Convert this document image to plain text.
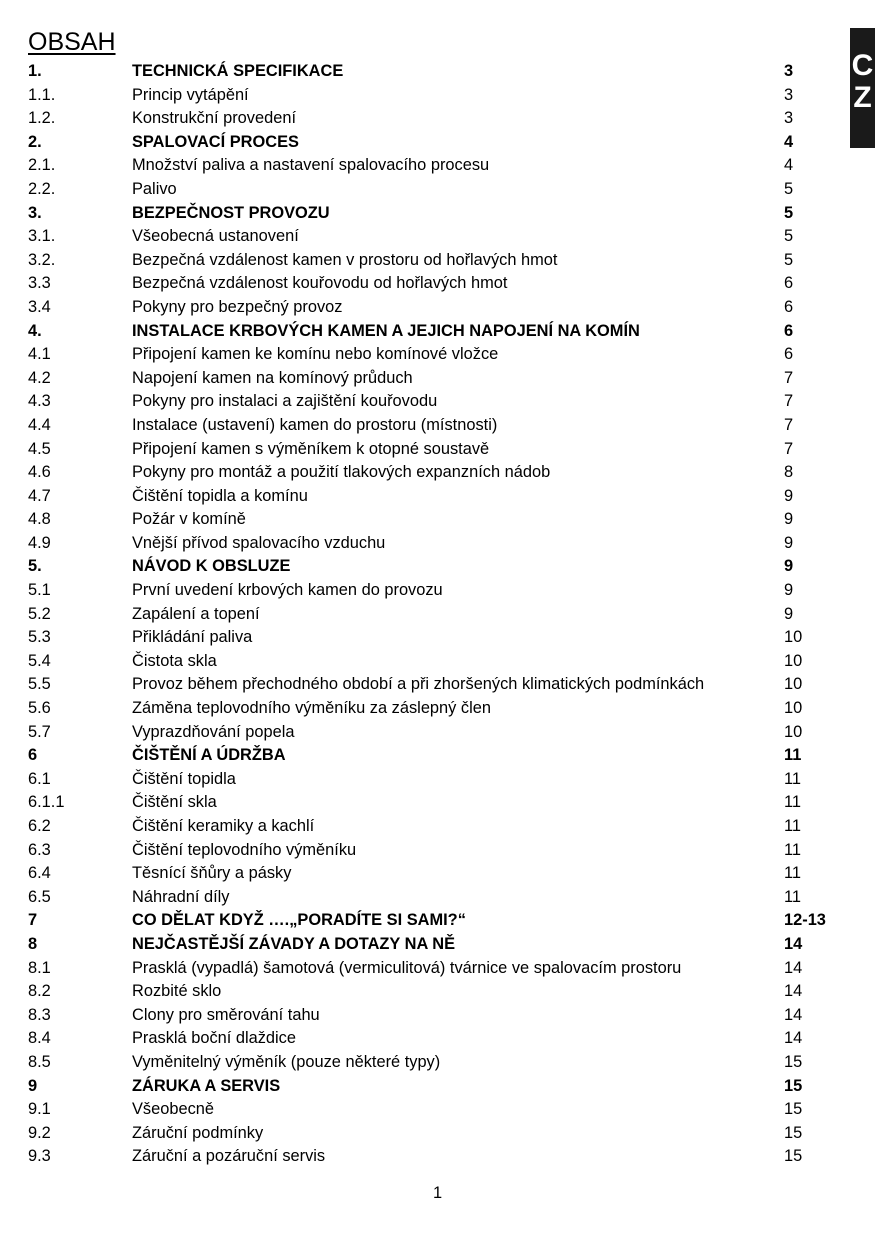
OBSAH
C
Z
1.	TECHNICKÁ SPECIFIKACE	3
1.1.	Princip vytápění	3
1.2.	Konstrukční provedení	3
2.	SPALOVACÍ PROCES	4
2.1.	Množství paliva a nastavení spalovacího procesu	4
2.2.	Palivo	5
3.	BEZPEČNOST PROVOZU	5
3.1.	Všeobecná ustanovení	5
3.2.	Bezpečná vzdálenost kamen v prostoru od hořlavých hmot	5
3.3	Bezpečná vzdálenost kouřovodu od hořlavých hmot	6
3.4	Pokyny pro bezpečný provoz	6
4.	INSTALACE KRBOVÝCH KAMEN A JEJICH NAPOJENÍ NA KOMÍN	6
4.1	Připojení kamen ke komínu nebo komínové vložce	6
4.2	Napojení kamen na komínový průduch	7
4.3	Pokyny pro instalaci a zajištění kouřovodu	7
4.4	Instalace (ustavení) kamen do prostoru (místnosti)	7
4.5	Připojení kamen s výměníkem k otopné soustavě	7
4.6	Pokyny pro montáž a použití tlakových expanzních nádob	8
4.7	Čištění topidla a komínu	9
4.8	Požár v komíně	9
4.9	Vnější přívod spalovacího vzduchu	9
5.	NÁVOD K OBSLUZE	9
5.1	První uvedení krbových kamen do provozu	9
5.2	Zapálení a topení	9
5.3	Přikládání paliva	10
5.4	Čistota skla	10
5.5	Provoz během přechodného období a při zhoršených klimatických podmínkách	10
5.6	Záměna teplovodního výměníku za záslepný člen	10
5.7	Vyprazdňování popela	10
6	ČIŠTĚNÍ A ÚDRŽBA	11
6.1	Čištění topidla	11
6.1.1	Čištění skla	11
6.2	Čištění keramiky a kachlí	11
6.3	Čištění teplovodního výměníku	11
6.4	Těsnící šňůry a pásky	11
6.5	Náhradní díly	11
7	CO DĚLAT KDYŽ ….„PORADÍTE SI SAMI?“	12-13
8	NEJČASTĚJŠÍ ZÁVADY A DOTAZY NA NĚ	14
8.1	Prasklá (vypadlá) šamotová (vermiculitová) tvárnice ve spalovacím prostoru	14
8.2	Rozbité sklo	14
8.3	Clony pro směrování tahu	14
8.4	Prasklá boční dlaždice	14
8.5	Vyměnitelný výměník (pouze některé typy)	15
9	ZÁRUKA A SERVIS	15
9.1	Všeobecně	15
9.2	Záruční podmínky	15
9.3	Záruční a pozáruční servis	15
1
